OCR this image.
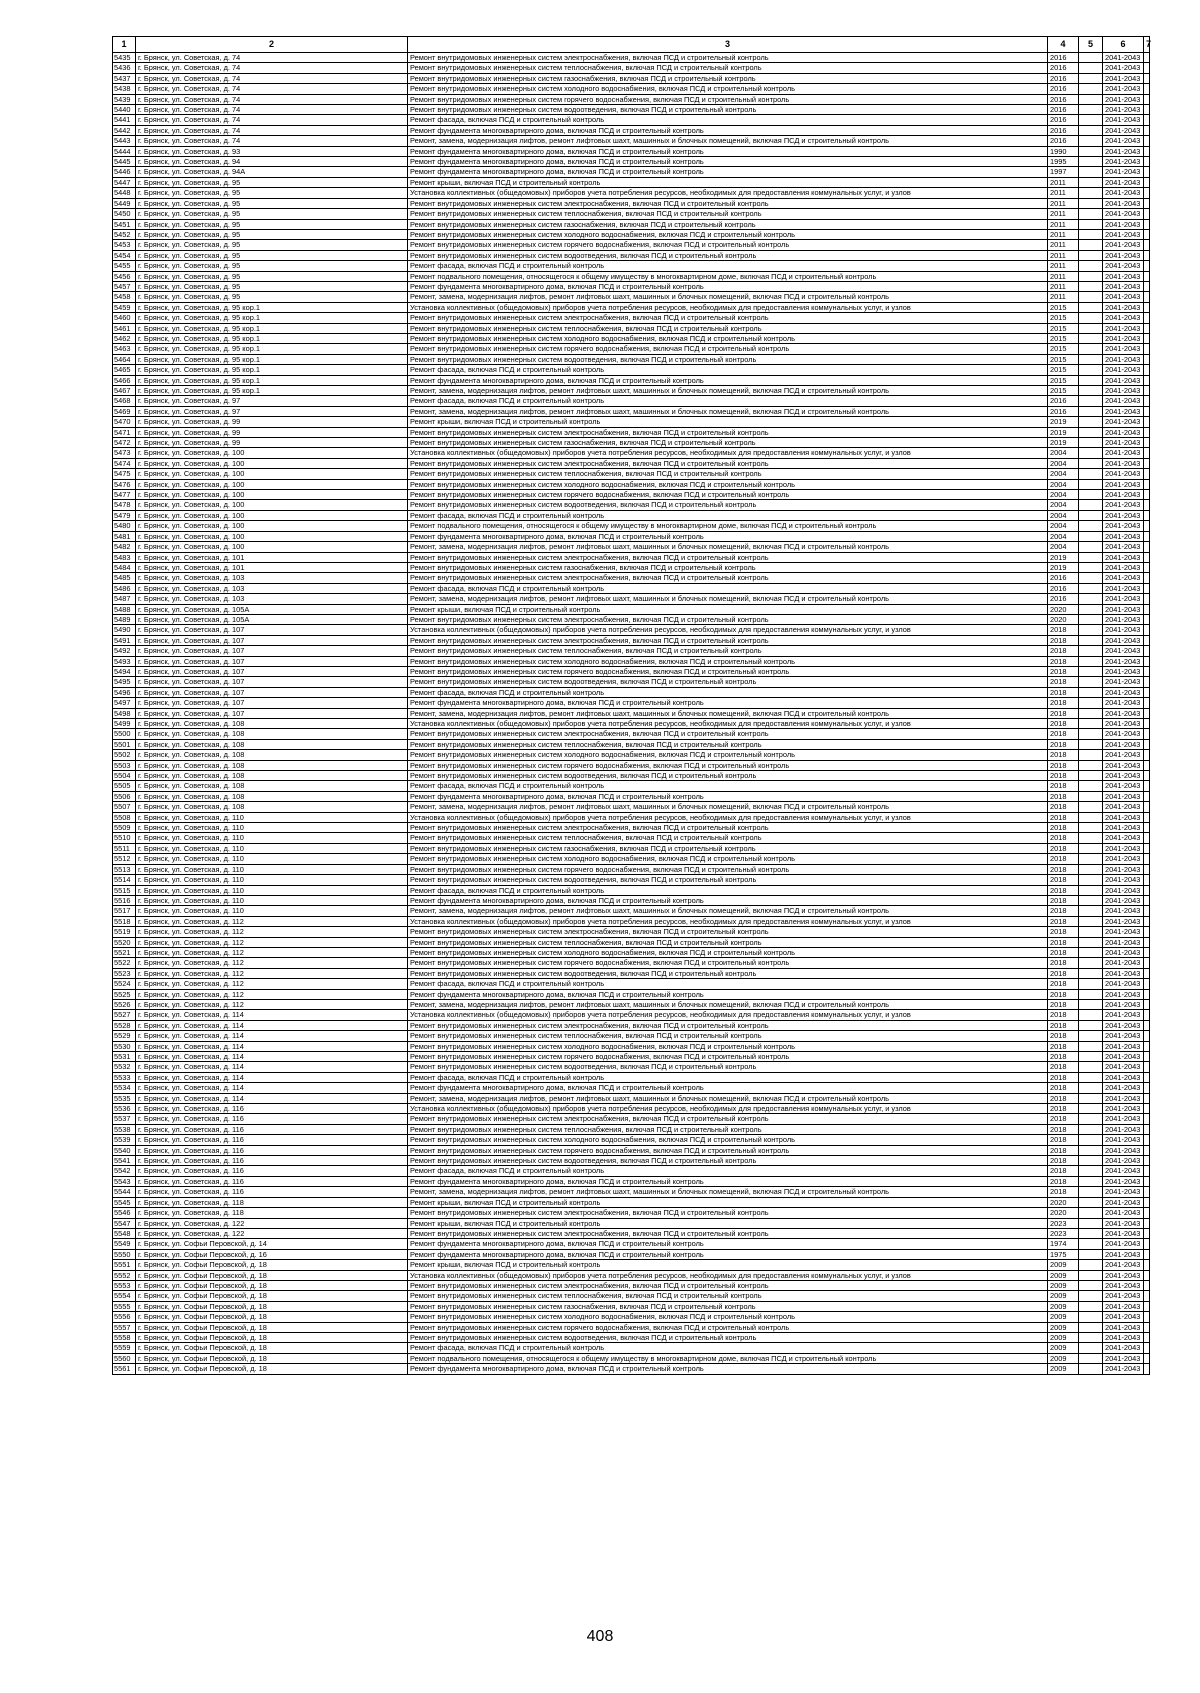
1	2	3	4	5	6	7
5435	г. Брянск, ул. Советская, д. 74	Ремонт внутридомовых инженерных систем электроснабжения, включая ПСД и строительный контроль	2016		2041-2043	
5436	г. Брянск, ул. Советская, д. 74	Ремонт внутридомовых инженерных систем теплоснабжения, включая ПСД и строительный контроль	2016		2041-2043	
5437	г. Брянск, ул. Советская, д. 74	Ремонт внутридомовых инженерных систем газоснабжения, включая ПСД и строительный контроль	2016		2041-2043	
5438	г. Брянск, ул. Советская, д. 74	Ремонт внутридомовых инженерных систем холодного водоснабжения, включая ПСД и строительный контроль	2016		2041-2043	
5439	г. Брянск, ул. Советская, д. 74	Ремонт внутридомовых инженерных систем горячего водоснабжения, включая ПСД и строительный контроль	2016		2041-2043	
5440	г. Брянск, ул. Советская, д. 74	Ремонт внутридомовых инженерных систем водоотведения, включая ПСД и строительный контроль	2016		2041-2043	
5441	г. Брянск, ул. Советская, д. 74	Ремонт фасада, включая ПСД и строительный контроль	2016		2041-2043	
5442	г. Брянск, ул. Советская, д. 74	Ремонт фундамента многоквартирного дома, включая ПСД и строительный контроль	2016		2041-2043	
5443	г. Брянск, ул. Советская, д. 74	Ремонт, замена, модернизация лифтов, ремонт лифтовых шахт, машинных и блочных помещений, включая ПСД и строительный контроль	2016		2041-2043	
5444	г. Брянск, ул. Советская, д. 93	Ремонт фундамента многоквартирного дома, включая ПСД и строительный контроль	1990		2041-2043	
5445	г. Брянск, ул. Советская, д. 94	Ремонт фундамента многоквартирного дома, включая ПСД и строительный контроль	1995		2041-2043	
5446	г. Брянск, ул. Советская, д. 94А	Ремонт фундамента многоквартирного дома, включая ПСД и строительный контроль	1997		2041-2043	
5447	г. Брянск, ул. Советская, д. 95	Ремонт крыши, включая ПСД и строительный контроль	2011		2041-2043	
5448	г. Брянск, ул. Советская, д. 95	Установка коллективных (общедомовых) приборов учета потребления ресурсов, необходимых для предоставления коммунальных услуг, и узлов	2011		2041-2043	
5449	г. Брянск, ул. Советская, д. 95	Ремонт внутридомовых инженерных систем электроснабжения, включая ПСД и строительный контроль	2011		2041-2043	
5450	г. Брянск, ул. Советская, д. 95	Ремонт внутридомовых инженерных систем теплоснабжения, включая ПСД и строительный контроль	2011		2041-2043	
5451	г. Брянск, ул. Советская, д. 95	Ремонт внутридомовых инженерных систем газоснабжения, включая ПСД и строительный контроль	2011		2041-2043	
5452	г. Брянск, ул. Советская, д. 95	Ремонт внутридомовых инженерных систем холодного водоснабжения, включая ПСД и строительный контроль	2011		2041-2043	
5453	г. Брянск, ул. Советская, д. 95	Ремонт внутридомовых инженерных систем горячего водоснабжения, включая ПСД и строительный контроль	2011		2041-2043	
5454	г. Брянск, ул. Советская, д. 95	Ремонт внутридомовых инженерных систем водоотведения, включая ПСД и строительный контроль	2011		2041-2043	
5455	г. Брянск, ул. Советская, д. 95	Ремонт фасада, включая ПСД и строительный контроль	2011		2041-2043	
5456	г. Брянск, ул. Советская, д. 95	Ремонт подвального помещения, относящегося к общему имуществу в многоквартирном доме, включая ПСД и строительный контроль	2011		2041-2043	
5457	г. Брянск, ул. Советская, д. 95	Ремонт фундамента многоквартирного дома, включая ПСД и строительный контроль	2011		2041-2043	
5458	г. Брянск, ул. Советская, д. 95	Ремонт, замена, модернизация лифтов, ремонт лифтовых шахт, машинных и блочных помещений, включая ПСД и строительный контроль	2011		2041-2043	
5459	г. Брянск, ул. Советская, д. 95 кор.1	Установка коллективных (общедомовых) приборов учета потребления ресурсов, необходимых для предоставления коммунальных услуг, и узлов	2015		2041-2043	
5460	г. Брянск, ул. Советская, д. 95 кор.1	Ремонт внутридомовых инженерных систем электроснабжения, включая ПСД и строительный контроль	2015		2041-2043	
5461	г. Брянск, ул. Советская, д. 95 кор.1	Ремонт внутридомовых инженерных систем теплоснабжения, включая ПСД и строительный контроль	2015		2041-2043	
5462	г. Брянск, ул. Советская, д. 95 кор.1	Ремонт внутридомовых инженерных систем холодного водоснабжения, включая ПСД и строительный контроль	2015		2041-2043	
5463	г. Брянск, ул. Советская, д. 95 кор.1	Ремонт внутридомовых инженерных систем горячего водоснабжения, включая ПСД и строительный контроль	2015		2041-2043	
5464	г. Брянск, ул. Советская, д. 95 кор.1	Ремонт внутридомовых инженерных систем водоотведения, включая ПСД и строительный контроль	2015		2041-2043	
5465	г. Брянск, ул. Советская, д. 95 кор.1	Ремонт фасада, включая ПСД и строительный контроль	2015		2041-2043	
5466	г. Брянск, ул. Советская, д. 95 кор.1	Ремонт фундамента многоквартирного дома, включая ПСД и строительный контроль	2015		2041-2043	
5467	г. Брянск, ул. Советская, д. 95 кор.1	Ремонт, замена, модернизация лифтов, ремонт лифтовых шахт, машинных и блочных помещений, включая ПСД и строительный контроль	2015		2041-2043	
5468	г. Брянск, ул. Советская, д. 97	Ремонт фасада, включая ПСД и строительный контроль	2016		2041-2043	
5469	г. Брянск, ул. Советская, д. 97	Ремонт, замена, модернизация лифтов, ремонт лифтовых шахт, машинных и блочных помещений, включая ПСД и строительный контроль	2016		2041-2043	
5470	г. Брянск, ул. Советская, д. 99	Ремонт крыши, включая ПСД и строительный контроль	2019		2041-2043	
5471	г. Брянск, ул. Советская, д. 99	Ремонт внутридомовых инженерных систем электроснабжения, включая ПСД и строительный контроль	2019		2041-2043	
5472	г. Брянск, ул. Советская, д. 99	Ремонт внутридомовых инженерных систем газоснабжения, включая ПСД и строительный контроль	2019		2041-2043	
5473	г. Брянск, ул. Советская, д. 100	Установка коллективных (общедомовых) приборов учета потребления ресурсов, необходимых для предоставления коммунальных услуг, и узлов	2004		2041-2043	
5474	г. Брянск, ул. Советская, д. 100	Ремонт внутридомовых инженерных систем электроснабжения, включая ПСД и строительный контроль	2004		2041-2043	
5475	г. Брянск, ул. Советская, д. 100	Ремонт внутридомовых инженерных систем теплоснабжения, включая ПСД и строительный контроль	2004		2041-2043	
5476	г. Брянск, ул. Советская, д. 100	Ремонт внутридомовых инженерных систем холодного водоснабжения, включая ПСД и строительный контроль	2004		2041-2043	
5477	г. Брянск, ул. Советская, д. 100	Ремонт внутридомовых инженерных систем горячего водоснабжения, включая ПСД и строительный контроль	2004		2041-2043	
5478	г. Брянск, ул. Советская, д. 100	Ремонт внутридомовых инженерных систем водоотведения, включая ПСД и строительный контроль	2004		2041-2043	
5479	г. Брянск, ул. Советская, д. 100	Ремонт фасада, включая ПСД и строительный контроль	2004		2041-2043	
5480	г. Брянск, ул. Советская, д. 100	Ремонт подвального помещения, относящегося к общему имуществу в многоквартирном доме, включая ПСД и строительный контроль	2004		2041-2043	
5481	г. Брянск, ул. Советская, д. 100	Ремонт фундамента многоквартирного дома, включая ПСД и строительный контроль	2004		2041-2043	
5482	г. Брянск, ул. Советская, д. 100	Ремонт, замена, модернизация лифтов, ремонт лифтовых шахт, машинных и блочных помещений, включая ПСД и строительный контроль	2004		2041-2043	
5483	г. Брянск, ул. Советская, д. 101	Ремонт внутридомовых инженерных систем электроснабжения, включая ПСД и строительный контроль	2019		2041-2043	
5484	г. Брянск, ул. Советская, д. 101	Ремонт внутридомовых инженерных систем газоснабжения, включая ПСД и строительный контроль	2019		2041-2043	
5485	г. Брянск, ул. Советская, д. 103	Ремонт внутридомовых инженерных систем электроснабжения, включая ПСД и строительный контроль	2016		2041-2043	
5486	г. Брянск, ул. Советская, д. 103	Ремонт фасада, включая ПСД и строительный контроль	2016		2041-2043	
5487	г. Брянск, ул. Советская, д. 103	Ремонт, замена, модернизация лифтов, ремонт лифтовых шахт, машинных и блочных помещений, включая ПСД и строительный контроль	2016		2041-2043	
5488	г. Брянск, ул. Советская, д. 105А	Ремонт крыши, включая ПСД и строительный контроль	2020		2041-2043	
5489	г. Брянск, ул. Советская, д. 105А	Ремонт внутридомовых инженерных систем электроснабжения, включая ПСД и строительный контроль	2020		2041-2043	
5490	г. Брянск, ул. Советская, д. 107	Установка коллективных (общедомовых) приборов учета потребления ресурсов, необходимых для предоставления коммунальных услуг, и узлов	2018		2041-2043	
5491	г. Брянск, ул. Советская, д. 107	Ремонт внутридомовых инженерных систем электроснабжения, включая ПСД и строительный контроль	2018		2041-2043	
5492	г. Брянск, ул. Советская, д. 107	Ремонт внутридомовых инженерных систем теплоснабжения, включая ПСД и строительный контроль	2018		2041-2043	
5493	г. Брянск, ул. Советская, д. 107	Ремонт внутридомовых инженерных систем холодного водоснабжения, включая ПСД и строительный контроль	2018		2041-2043	
5494	г. Брянск, ул. Советская, д. 107	Ремонт внутридомовых инженерных систем горячего водоснабжения, включая ПСД и строительный контроль	2018		2041-2043	
5495	г. Брянск, ул. Советская, д. 107	Ремонт внутридомовых инженерных систем водоотведения, включая ПСД и строительный контроль	2018		2041-2043	
5496	г. Брянск, ул. Советская, д. 107	Ремонт фасада, включая ПСД и строительный контроль	2018		2041-2043	
5497	г. Брянск, ул. Советская, д. 107	Ремонт фундамента многоквартирного дома, включая ПСД и строительный контроль	2018		2041-2043	
5498	г. Брянск, ул. Советская, д. 107	Ремонт, замена, модернизация лифтов, ремонт лифтовых шахт, машинных и блочных помещений, включая ПСД и строительный контроль	2018		2041-2043	
5499	г. Брянск, ул. Советская, д. 108	Установка коллективных (общедомовых) приборов учета потребления ресурсов, необходимых для предоставления коммунальных услуг, и узлов	2018		2041-2043	
5500	г. Брянск, ул. Советская, д. 108	Ремонт внутридомовых инженерных систем электроснабжения, включая ПСД и строительный контроль	2018		2041-2043	
5501	г. Брянск, ул. Советская, д. 108	Ремонт внутридомовых инженерных систем теплоснабжения, включая ПСД и строительный контроль	2018		2041-2043	
5502	г. Брянск, ул. Советская, д. 108	Ремонт внутридомовых инженерных систем холодного водоснабжения, включая ПСД и строительный контроль	2018		2041-2043	
5503	г. Брянск, ул. Советская, д. 108	Ремонт внутридомовых инженерных систем горячего водоснабжения, включая ПСД и строительный контроль	2018		2041-2043	
5504	г. Брянск, ул. Советская, д. 108	Ремонт внутридомовых инженерных систем водоотведения, включая ПСД и строительный контроль	2018		2041-2043	
5505	г. Брянск, ул. Советская, д. 108	Ремонт фасада, включая ПСД и строительный контроль	2018		2041-2043	
5506	г. Брянск, ул. Советская, д. 108	Ремонт фундамента многоквартирного дома, включая ПСД и строительный контроль	2018		2041-2043	
5507	г. Брянск, ул. Советская, д. 108	Ремонт, замена, модернизация лифтов, ремонт лифтовых шахт, машинных и блочных помещений, включая ПСД и строительный контроль	2018		2041-2043	
5508	г. Брянск, ул. Советская, д. 110	Установка коллективных (общедомовых) приборов учета потребления ресурсов, необходимых для предоставления коммунальных услуг, и узлов	2018		2041-2043	
5509	г. Брянск, ул. Советская, д. 110	Ремонт внутридомовых инженерных систем электроснабжения, включая ПСД и строительный контроль	2018		2041-2043	
5510	г. Брянск, ул. Советская, д. 110	Ремонт внутридомовых инженерных систем теплоснабжения, включая ПСД и строительный контроль	2018		2041-2043	
5511	г. Брянск, ул. Советская, д. 110	Ремонт внутридомовых инженерных систем газоснабжения, включая ПСД и строительный контроль	2018		2041-2043	
5512	г. Брянск, ул. Советская, д. 110	Ремонт внутридомовых инженерных систем холодного водоснабжения, включая ПСД и строительный контроль	2018		2041-2043	
5513	г. Брянск, ул. Советская, д. 110	Ремонт внутридомовых инженерных систем горячего водоснабжения, включая ПСД и строительный контроль	2018		2041-2043	
5514	г. Брянск, ул. Советская, д. 110	Ремонт внутридомовых инженерных систем водоотведения, включая ПСД и строительный контроль	2018		2041-2043	
5515	г. Брянск, ул. Советская, д. 110	Ремонт фасада, включая ПСД и строительный контроль	2018		2041-2043	
5516	г. Брянск, ул. Советская, д. 110	Ремонт фундамента многоквартирного дома, включая ПСД и строительный контроль	2018		2041-2043	
5517	г. Брянск, ул. Советская, д. 110	Ремонт, замена, модернизация лифтов, ремонт лифтовых шахт, машинных и блочных помещений, включая ПСД и строительный контроль	2018		2041-2043	
5518	г. Брянск, ул. Советская, д. 112	Установка коллективных (общедомовых) приборов учета потребления ресурсов, необходимых для предоставления коммунальных услуг, и узлов	2018		2041-2043	
5519	г. Брянск, ул. Советская, д. 112	Ремонт внутридомовых инженерных систем электроснабжения, включая ПСД и строительный контроль	2018		2041-2043	
5520	г. Брянск, ул. Советская, д. 112	Ремонт внутридомовых инженерных систем теплоснабжения, включая ПСД и строительный контроль	2018		2041-2043	
5521	г. Брянск, ул. Советская, д. 112	Ремонт внутридомовых инженерных систем холодного водоснабжения, включая ПСД и строительный контроль	2018		2041-2043	
5522	г. Брянск, ул. Советская, д. 112	Ремонт внутридомовых инженерных систем горячего водоснабжения, включая ПСД и строительный контроль	2018		2041-2043	
5523	г. Брянск, ул. Советская, д. 112	Ремонт внутридомовых инженерных систем водоотведения, включая ПСД и строительный контроль	2018		2041-2043	
5524	г. Брянск, ул. Советская, д. 112	Ремонт фасада, включая ПСД и строительный контроль	2018		2041-2043	
5525	г. Брянск, ул. Советская, д. 112	Ремонт фундамента многоквартирного дома, включая ПСД и строительный контроль	2018		2041-2043	
5526	г. Брянск, ул. Советская, д. 112	Ремонт, замена, модернизация лифтов, ремонт лифтовых шахт, машинных и блочных помещений, включая ПСД и строительный контроль	2018		2041-2043	
5527	г. Брянск, ул. Советская, д. 114	Установка коллективных (общедомовых) приборов учета потребления ресурсов, необходимых для предоставления коммунальных услуг, и узлов	2018		2041-2043	
5528	г. Брянск, ул. Советская, д. 114	Ремонт внутридомовых инженерных систем электроснабжения, включая ПСД и строительный контроль	2018		2041-2043	
5529	г. Брянск, ул. Советская, д. 114	Ремонт внутридомовых инженерных систем теплоснабжения, включая ПСД и строительный контроль	2018		2041-2043	
5530	г. Брянск, ул. Советская, д. 114	Ремонт внутридомовых инженерных систем холодного водоснабжения, включая ПСД и строительный контроль	2018		2041-2043	
5531	г. Брянск, ул. Советская, д. 114	Ремонт внутридомовых инженерных систем горячего водоснабжения, включая ПСД и строительный контроль	2018		2041-2043	
5532	г. Брянск, ул. Советская, д. 114	Ремонт внутридомовых инженерных систем водоотведения, включая ПСД и строительный контроль	2018		2041-2043	
5533	г. Брянск, ул. Советская, д. 114	Ремонт фасада, включая ПСД и строительный контроль	2018		2041-2043	
5534	г. Брянск, ул. Советская, д. 114	Ремонт фундамента многоквартирного дома, включая ПСД и строительный контроль	2018		2041-2043	
5535	г. Брянск, ул. Советская, д. 114	Ремонт, замена, модернизация лифтов, ремонт лифтовых шахт, машинных и блочных помещений, включая ПСД и строительный контроль	2018		2041-2043	
5536	г. Брянск, ул. Советская, д. 116	Установка коллективных (общедомовых) приборов учета потребления ресурсов, необходимых для предоставления коммунальных услуг, и узлов	2018		2041-2043	
5537	г. Брянск, ул. Советская, д. 116	Ремонт внутридомовых инженерных систем электроснабжения, включая ПСД и строительный контроль	2018		2041-2043	
5538	г. Брянск, ул. Советская, д. 116	Ремонт внутридомовых инженерных систем теплоснабжения, включая ПСД и строительный контроль	2018		2041-2043	
5539	г. Брянск, ул. Советская, д. 116	Ремонт внутридомовых инженерных систем холодного водоснабжения, включая ПСД и строительный контроль	2018		2041-2043	
5540	г. Брянск, ул. Советская, д. 116	Ремонт внутридомовых инженерных систем горячего водоснабжения, включая ПСД и строительный контроль	2018		2041-2043	
5541	г. Брянск, ул. Советская, д. 116	Ремонт внутридомовых инженерных систем водоотведения, включая ПСД и строительный контроль	2018		2041-2043	
5542	г. Брянск, ул. Советская, д. 116	Ремонт фасада, включая ПСД и строительный контроль	2018		2041-2043	
5543	г. Брянск, ул. Советская, д. 116	Ремонт фундамента многоквартирного дома, включая ПСД и строительный контроль	2018		2041-2043	
5544	г. Брянск, ул. Советская, д. 116	Ремонт, замена, модернизация лифтов, ремонт лифтовых шахт, машинных и блочных помещений, включая ПСД и строительный контроль	2018		2041-2043	
5545	г. Брянск, ул. Советская, д. 118	Ремонт крыши, включая ПСД и строительный контроль	2020		2041-2043	
5546	г. Брянск, ул. Советская, д. 118	Ремонт внутридомовых инженерных систем электроснабжения, включая ПСД и строительный контроль	2020		2041-2043	
5547	г. Брянск, ул. Советская, д. 122	Ремонт крыши, включая ПСД и строительный контроль	2023		2041-2043	
5548	г. Брянск, ул. Советская, д. 122	Ремонт внутридомовых инженерных систем электроснабжения, включая ПСД и строительный контроль	2023		2041-2043	
5549	г. Брянск, ул. Софьи Перовской, д. 14	Ремонт фундамента многоквартирного дома, включая ПСД и строительный контроль	1974		2041-2043	
5550	г. Брянск, ул. Софьи Перовской, д. 16	Ремонт фундамента многоквартирного дома, включая ПСД и строительный контроль	1975		2041-2043	
5551	г. Брянск, ул. Софьи Перовской, д. 18	Ремонт крыши, включая ПСД и строительный контроль	2009		2041-2043	
5552	г. Брянск, ул. Софьи Перовской, д. 18	Установка коллективных (общедомовых) приборов учета потребления ресурсов, необходимых для предоставления коммунальных услуг, и узлов	2009		2041-2043	
5553	г. Брянск, ул. Софьи Перовской, д. 18	Ремонт внутридомовых инженерных систем электроснабжения, включая ПСД и строительный контроль	2009		2041-2043	
5554	г. Брянск, ул. Софьи Перовской, д. 18	Ремонт внутридомовых инженерных систем теплоснабжения, включая ПСД и строительный контроль	2009		2041-2043	
5555	г. Брянск, ул. Софьи Перовской, д. 18	Ремонт внутридомовых инженерных систем газоснабжения, включая ПСД и строительный контроль	2009		2041-2043	
5556	г. Брянск, ул. Софьи Перовской, д. 18	Ремонт внутридомовых инженерных систем холодного водоснабжения, включая ПСД и строительный контроль	2009		2041-2043	
5557	г. Брянск, ул. Софьи Перовской, д. 18	Ремонт внутридомовых инженерных систем горячего водоснабжения, включая ПСД и строительный контроль	2009		2041-2043	
5558	г. Брянск, ул. Софьи Перовской, д. 18	Ремонт внутридомовых инженерных систем водоотведения, включая ПСД и строительный контроль	2009		2041-2043	
5559	г. Брянск, ул. Софьи Перовской, д. 18	Ремонт фасада, включая ПСД и строительный контроль	2009		2041-2043	
5560	г. Брянск, ул. Софьи Перовской, д. 18	Ремонт подвального помещения, относящегося к общему имуществу в многоквартирном доме, включая ПСД и строительный контроль	2009		2041-2043	
5561	г. Брянск, ул. Софьи Перовской, д. 18	Ремонт фундамента многоквартирного дома, включая ПСД и строительный контроль	2009		2041-2043	
408
